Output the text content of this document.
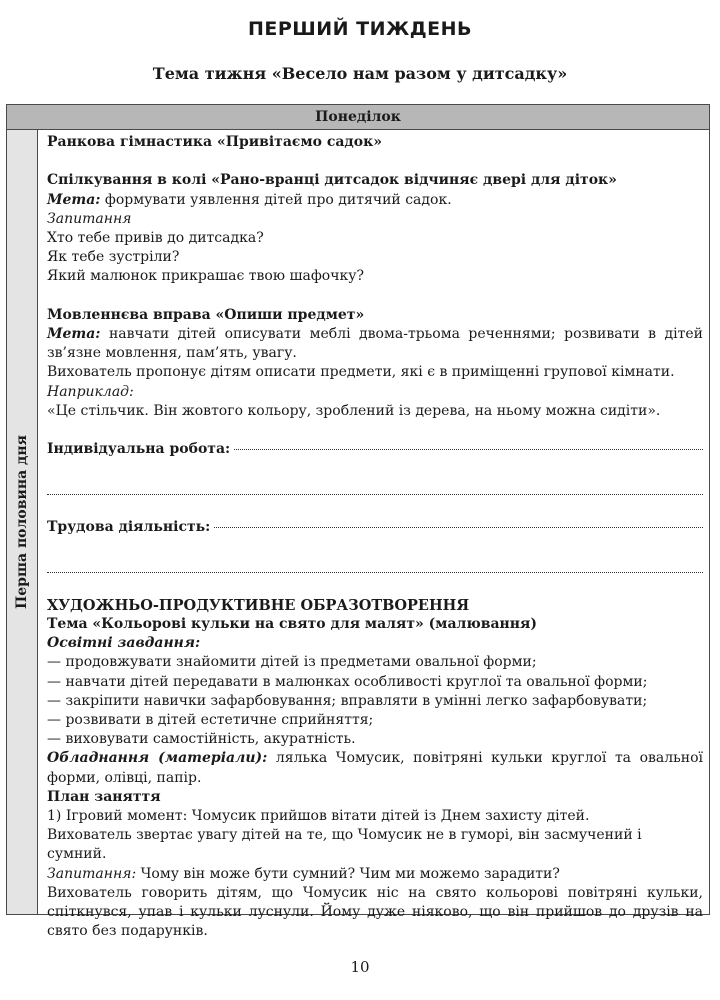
ПЕРШИЙ ТИЖДЕНЬ
Тема тижня «Весело нам разом у дитсадку»
Понеділок
Перша половина дня

Ранкова гімнастика «Привітаємо садок»

Спілкування в колі «Рано-вранці дитсадок відчиняє двері для діток»

Мета: формувати уявлення дітей про дитячий садок.

Запитання

Хто тебе привів до дитсадка?

Як тебе зустріли?

Який малюнок прикрашає твою шафочку?

Мовленнєва вправа «Опиши предмет»

Мета: навчати дітей описувати меблі двома-трьома реченнями; розвивати в дітей зв’язне мовлення, пам’ять, увагу.

Вихователь пропонує дітям описати предмети, які є в приміщенні групової кімнати.

Наприклад:

«Це стільчик. Він жовтого кольору, зроблений із дерева, на ньому можна сидіти».

Індивідуальна робота:
Трудова діяльність:

ХУДОЖНЬО-ПРОДУКТИВНЕ ОБРАЗОТВОРЕННЯ

Тема «Кольорові кульки на свято для малят» (малювання)

Освітні завдання:

— продовжувати знайомити дітей із предметами овальної форми;

— навчати дітей передавати в малюнках особливості круглої та овальної форми;

— закріпити навички зафарбовування; вправляти в умінні легко зафарбовувати;

— розвивати в дітей естетичне сприйняття;

— виховувати самостійність, акуратність.

Обладнання (матеріали): лялька Чомусик, повітряні кульки круглої та овальної форми, олівці, папір.

План заняття

1) Ігровий момент: Чомусик прийшов вітати дітей із Днем захисту дітей.

Вихователь звертає увагу дітей на те, що Чомусик не в гуморі, він засмучений і сумний.

Запитання: Чому він може бути сумний? Чим ми можемо зарадити?

Вихователь говорить дітям, що Чомусик ніс на свято кольорові повітряні кульки, спіткнувся, упав і кульки луснули. Йому дуже ніяково, що він прийшов до друзів на свято без подарунків.

10
